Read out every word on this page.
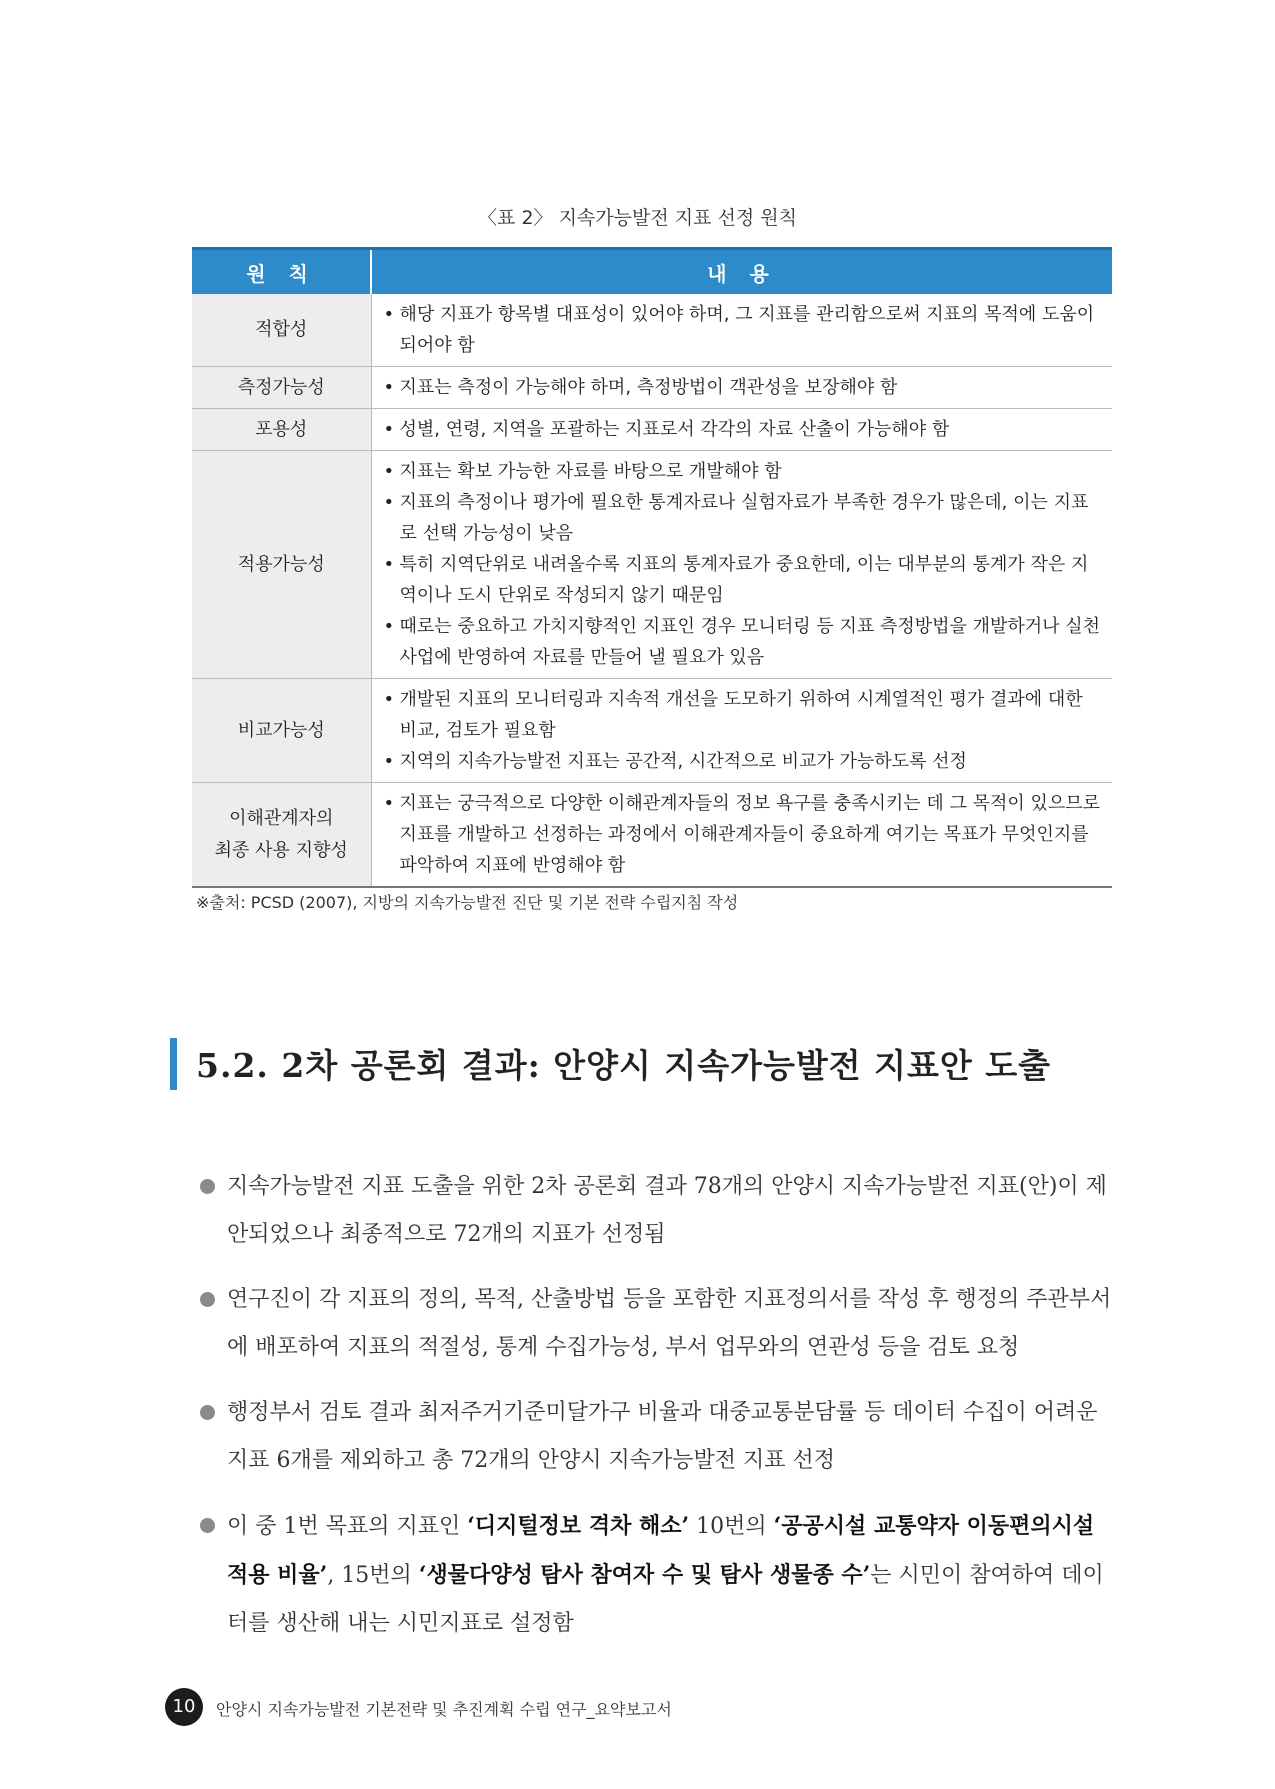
〈표 2〉 지속가능발전 지표 선정 원칙
원 칙	내 용
적합성	• 해당 지표가 항목별 대표성이 있어야 하며, 그 지표를 관리함으로써 지표의 목적에 도움이 되어야 함

측정가능성	• 지표는 측정이 가능해야 하며, 측정방법이 객관성을 보장해야 함

포용성	• 성별, 연령, 지역을 포괄하는 지표로서 각각의 자료 산출이 가능해야 함

적용가능성	• 지표는 확보 가능한 자료를 바탕으로 개발해야 함
• 지표의 측정이나 평가에 필요한 통계자료나 실험자료가 부족한 경우가 많은데, 이는 지표로 선택 가능성이 낮음
• 특히 지역단위로 내려올수록 지표의 통계자료가 중요한데, 이는 대부분의 통계가 작은 지역이나 도시 단위로 작성되지 않기 때문임
• 때로는 중요하고 가치지향적인 지표인 경우 모니터링 등 지표 측정방법을 개발하거나 실천사업에 반영하여 자료를 만들어 낼 필요가 있음

비교가능성	• 개발된 지표의 모니터링과 지속적 개선을 도모하기 위하여 시계열적인 평가 결과에 대한 비교, 검토가 필요함
• 지역의 지속가능발전 지표는 공간적, 시간적으로 비교가 가능하도록 선정

이해관계자의
최종 사용 지향성	• 지표는 궁극적으로 다양한 이해관계자들의 정보 욕구를 충족시키는 데 그 목적이 있으므로 지표를 개발하고 선정하는 과정에서 이해관계자들이 중요하게 여기는 목표가 무엇인지를 파악하여 지표에 반영해야 함
※출처: PCSD (2007), 지방의 지속가능발전 진단 및 기본 전략 수립지침 작성
5.2. 2차 공론회 결과: 안양시 지속가능발전 지표안 도출
지속가능발전 지표 도출을 위한 2차 공론회 결과 78개의 안양시 지속가능발전 지표(안)이 제안되었으나 최종적으로 72개의 지표가 선정됨
연구진이 각 지표의 정의, 목적, 산출방법 등을 포함한 지표정의서를 작성 후 행정의 주관부서에 배포하여 지표의 적절성, 통계 수집가능성, 부서 업무와의 연관성 등을 검토 요청
행정부서 검토 결과 최저주거기준미달가구 비율과 대중교통분담률 등 데이터 수집이 어려운 지표 6개를 제외하고 총 72개의 안양시 지속가능발전 지표 선정
이 중 1번 목표의 지표인 ‘디지털정보 격차 해소’ 10번의 ‘공공시설 교통약자 이동편의시설 적용 비율’, 15번의 ‘생물다양성 탐사 참여자 수 및 탐사 생물종 수’는 시민이 참여하여 데이터를 생산해 내는 시민지표로 설정함
10	안양시 지속가능발전 기본전략 및 추진계획 수립 연구_요약보고서
